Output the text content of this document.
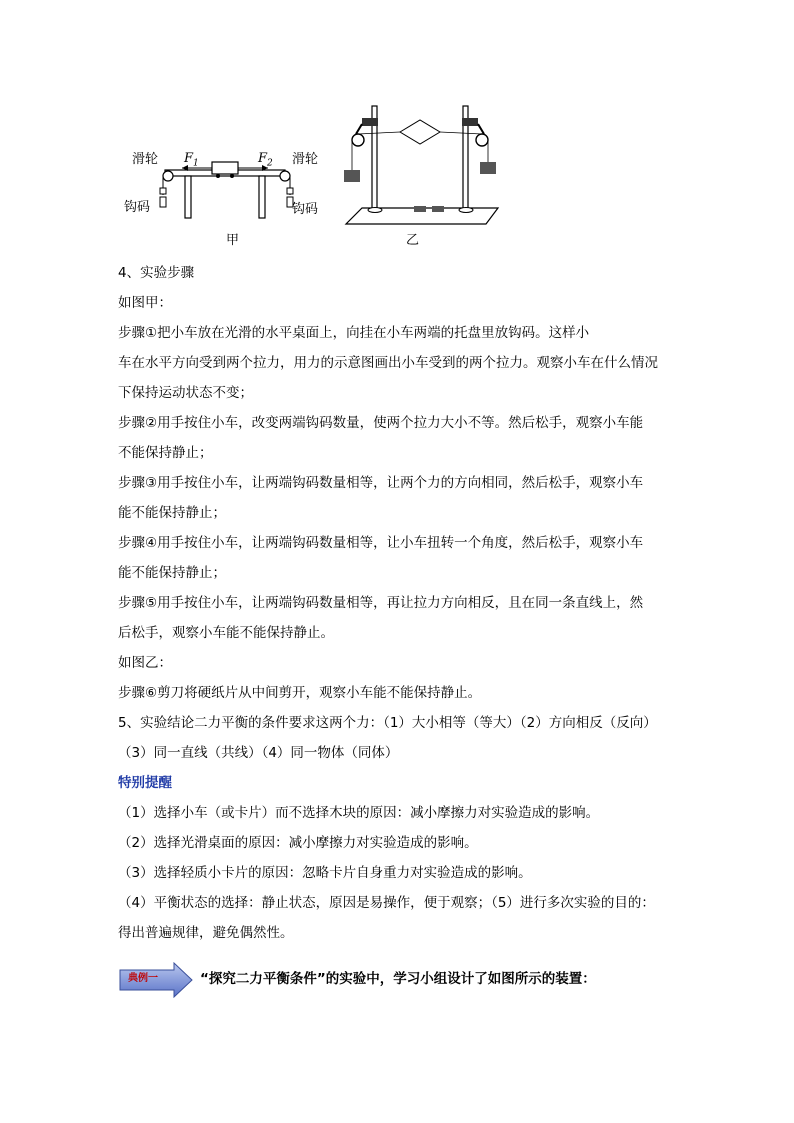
滑轮	滑轮
$F_1$	$F_2$
钩码	钩码
甲	乙
4、实验步骤
如图甲：
步骤①把小车放在光滑的水平桌面上，向挂在小车两端的托盘里放钩码。这样小
车在水平方向受到两个拉力，用力的示意图画出小车受到的两个拉力。观察小车在什么情况
下保持运动状态不变；
步骤②用手按住小车，改变两端钩码数量，使两个拉力大小不等。然后松手，观察小车能
不能保持静止；
步骤③用手按住小车，让两端钩码数量相等，让两个力的方向相同，然后松手，观察小车
能不能保持静止；
步骤④用手按住小车，让两端钩码数量相等，让小车扭转一个角度，然后松手，观察小车
能不能保持静止；
步骤⑤用手按住小车，让两端钩码数量相等，再让拉力方向相反，且在同一条直线上，然
后松手，观察小车能不能保持静止。
如图乙：
步骤⑥剪刀将硬纸片从中间剪开，观察小车能不能保持静止。
5、实验结论二力平衡的条件要求这两个力：（1）大小相等（等大）（2）方向相反（反向）
（3）同一直线（共线）（4）同一物体（同体）
特别提醒
（1）选择小车（或卡片）而不选择木块的原因：减小摩擦力对实验造成的影响。
（2）选择光滑桌面的原因：减小摩擦力对实验造成的影响。
（3）选择轻质小卡片的原因：忽略卡片自身重力对实验造成的影响。
（4）平衡状态的选择：静止状态，原因是易操作，便于观察；（5）进行多次实验的目的：
得出普遍规律，避免偶然性。
典例一	“探究二力平衡条件”的实验中，学习小组设计了如图所示的装置：
